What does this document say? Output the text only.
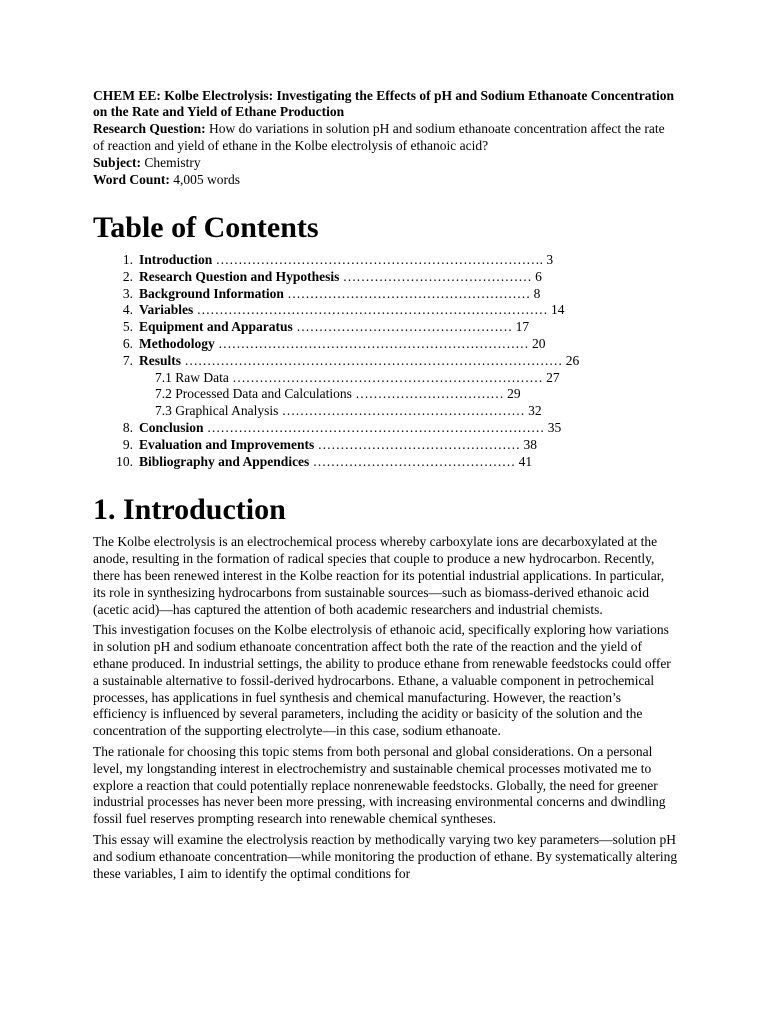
CHEM EE: Kolbe Electrolysis: Investigating the Effects of pH and Sodium Ethanoate Concentration on the Rate and Yield of Ethane Production

Research Question: How do variations in solution pH and sodium ethanoate concentration affect the rate of reaction and yield of ethane in the Kolbe electrolysis of ethanoic acid?

Subject: Chemistry

Word Count: 4,005 words

Table of Contents
1. Introduction ………………………………………………………………. 3
2. Research Question and Hypothesis …………………………………… 6
3. Background Information ……………………………………………… 8
4. Variables …………………………………………………………………… 14
5. Equipment and Apparatus ………………………………………… 17
6. Methodology …………………………………………………………… 20
7. Results ………………………………………………………………………… 26
7.1 Raw Data …………………………………………………………… 27
7.2 Processed Data and Calculations …………………………… 29
7.3 Graphical Analysis ……………………………………………… 32
8. Conclusion ………………………………………………………………… 35
9. Evaluation and Improvements ……………………………………… 38
10. Bibliography and Appendices ……………………………………… 41
1. Introduction

The Kolbe electrolysis is an electrochemical process whereby carboxylate ions are decarboxylated at the anode, resulting in the formation of radical species that couple to produce a new hydrocarbon. Recently, there has been renewed interest in the Kolbe reaction for its potential industrial applications. In particular, its role in synthesizing hydrocarbons from sustainable sources—such as biomass-derived ethanoic acid (acetic acid)—has captured the attention of both academic researchers and industrial chemists.

This investigation focuses on the Kolbe electrolysis of ethanoic acid, specifically exploring how variations in solution pH and sodium ethanoate concentration affect both the rate of the reaction and the yield of ethane produced. In industrial settings, the ability to produce ethane from renewable feedstocks could offer a sustainable alternative to fossil-derived hydrocarbons. Ethane, a valuable component in petrochemical processes, has applications in fuel synthesis and chemical manufacturing. However, the reaction’s efficiency is influenced by several parameters, including the acidity or basicity of the solution and the concentration of the supporting electrolyte—in this case, sodium ethanoate.

The rationale for choosing this topic stems from both personal and global considerations. On a personal level, my longstanding interest in electrochemistry and sustainable chemical processes motivated me to explore a reaction that could potentially replace nonrenewable feedstocks. Globally, the need for greener industrial processes has never been more pressing, with increasing environmental concerns and dwindling fossil fuel reserves prompting research into renewable chemical syntheses.

This essay will examine the electrolysis reaction by methodically varying two key parameters—solution pH and sodium ethanoate concentration—while monitoring the production of ethane. By systematically altering these variables, I aim to identify the optimal conditions for
